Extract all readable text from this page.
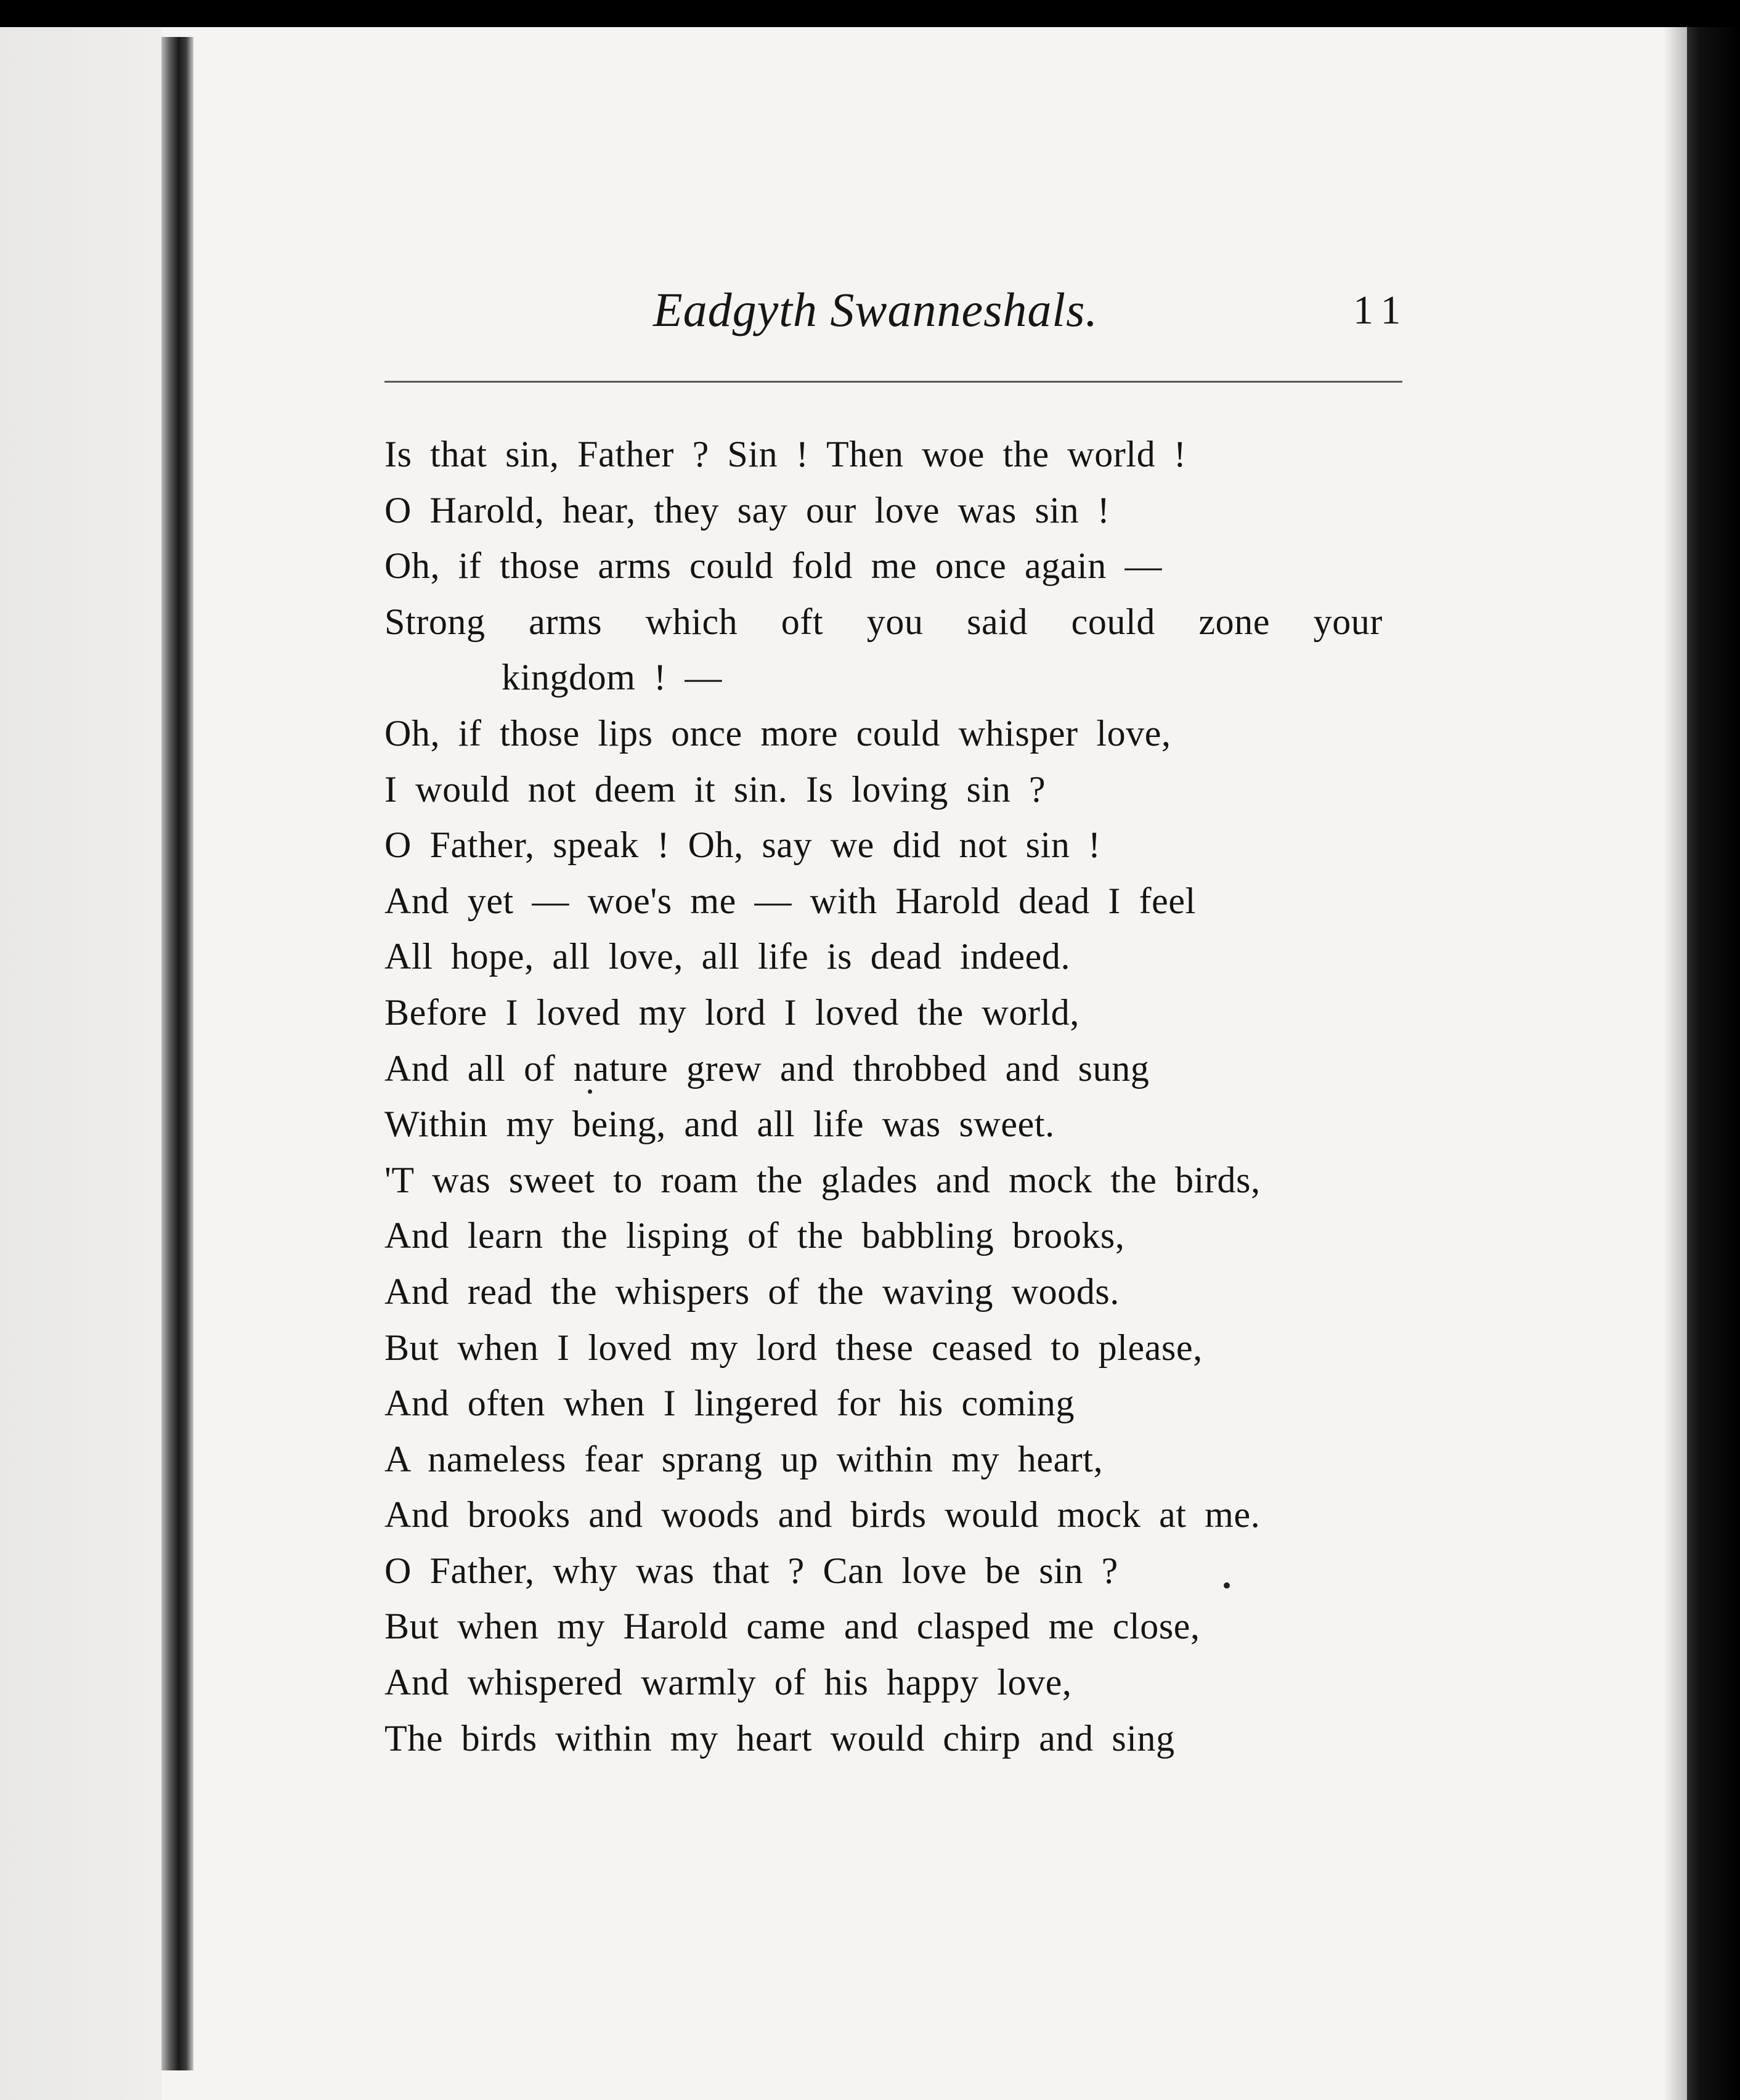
Eadgyth Swanneshals.	11
Is that sin, Father ? Sin ! Then woe the world !
O Harold, hear, they say our love was sin !
Oh, if those arms could fold me once again —
Strong arms which oft you said could zone your
kingdom ! —
Oh, if those lips once more could whisper love,
I would not deem it sin. Is loving sin ?
O Father, speak ! Oh, say we did not sin !
And yet — woe's me — with Harold dead I feel
All hope, all love, all life is dead indeed.
Before I loved my lord I loved the world,
And all of nature grew and throbbed and sung
Within my being, and all life was sweet.
'T was sweet to roam the glades and mock the birds,
And learn the lisping of the babbling brooks,
And read the whispers of the waving woods.
But when I loved my lord these ceased to please,
And often when I lingered for his coming
A nameless fear sprang up within my heart,
And brooks and woods and birds would mock at me.
O Father, why was that ? Can love be sin ?
But when my Harold came and clasped me close,
And whispered warmly of his happy love,
The birds within my heart would chirp and sing
